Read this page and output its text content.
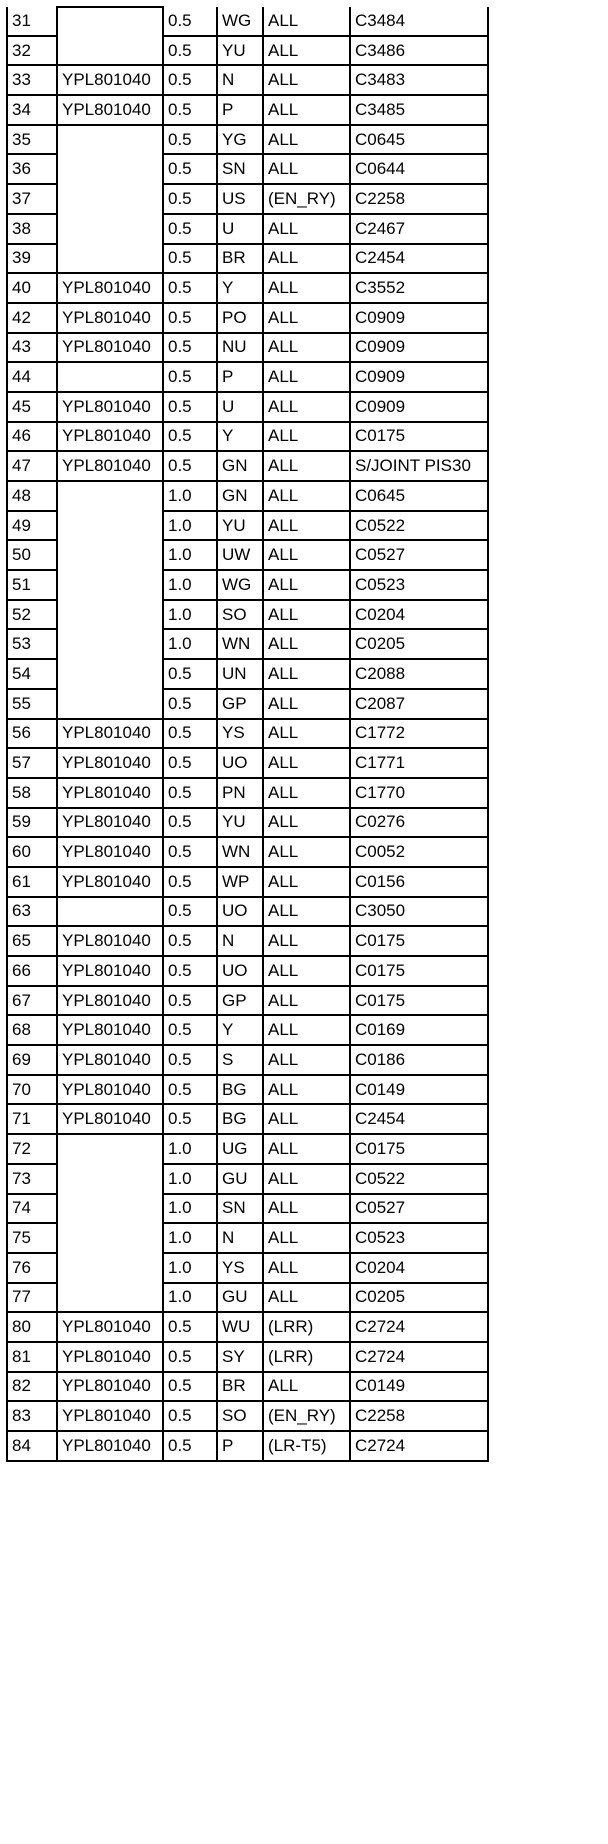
31		0.5	WG	ALL	C3484
32		0.5	YU	ALL	C3486
33	YPL801040	0.5	N	ALL	C3483
34	YPL801040	0.5	P	ALL	C3485
35		0.5	YG	ALL	C0645
36		0.5	SN	ALL	C0644
37		0.5	US	(EN_RY)	C2258
38		0.5	U	ALL	C2467
39		0.5	BR	ALL	C2454
40	YPL801040	0.5	Y	ALL	C3552
42	YPL801040	0.5	PO	ALL	C0909
43	YPL801040	0.5	NU	ALL	C0909
44		0.5	P	ALL	C0909
45	YPL801040	0.5	U	ALL	C0909
46	YPL801040	0.5	Y	ALL	C0175
47	YPL801040	0.5	GN	ALL	S/JOINT PIS30
48		1.0	GN	ALL	C0645
49		1.0	YU	ALL	C0522
50		1.0	UW	ALL	C0527
51		1.0	WG	ALL	C0523
52		1.0	SO	ALL	C0204
53		1.0	WN	ALL	C0205
54		0.5	UN	ALL	C2088
55		0.5	GP	ALL	C2087
56	YPL801040	0.5	YS	ALL	C1772
57	YPL801040	0.5	UO	ALL	C1771
58	YPL801040	0.5	PN	ALL	C1770
59	YPL801040	0.5	YU	ALL	C0276
60	YPL801040	0.5	WN	ALL	C0052
61	YPL801040	0.5	WP	ALL	C0156
63		0.5	UO	ALL	C3050
65	YPL801040	0.5	N	ALL	C0175
66	YPL801040	0.5	UO	ALL	C0175
67	YPL801040	0.5	GP	ALL	C0175
68	YPL801040	0.5	Y	ALL	C0169
69	YPL801040	0.5	S	ALL	C0186
70	YPL801040	0.5	BG	ALL	C0149
71	YPL801040	0.5	BG	ALL	C2454
72		1.0	UG	ALL	C0175
73		1.0	GU	ALL	C0522
74		1.0	SN	ALL	C0527
75		1.0	N	ALL	C0523
76		1.0	YS	ALL	C0204
77		1.0	GU	ALL	C0205
80	YPL801040	0.5	WU	(LRR)	C2724
81	YPL801040	0.5	SY	(LRR)	C2724
82	YPL801040	0.5	BR	ALL	C0149
83	YPL801040	0.5	SO	(EN_RY)	C2258
84	YPL801040	0.5	P	(LR-T5)	C2724
